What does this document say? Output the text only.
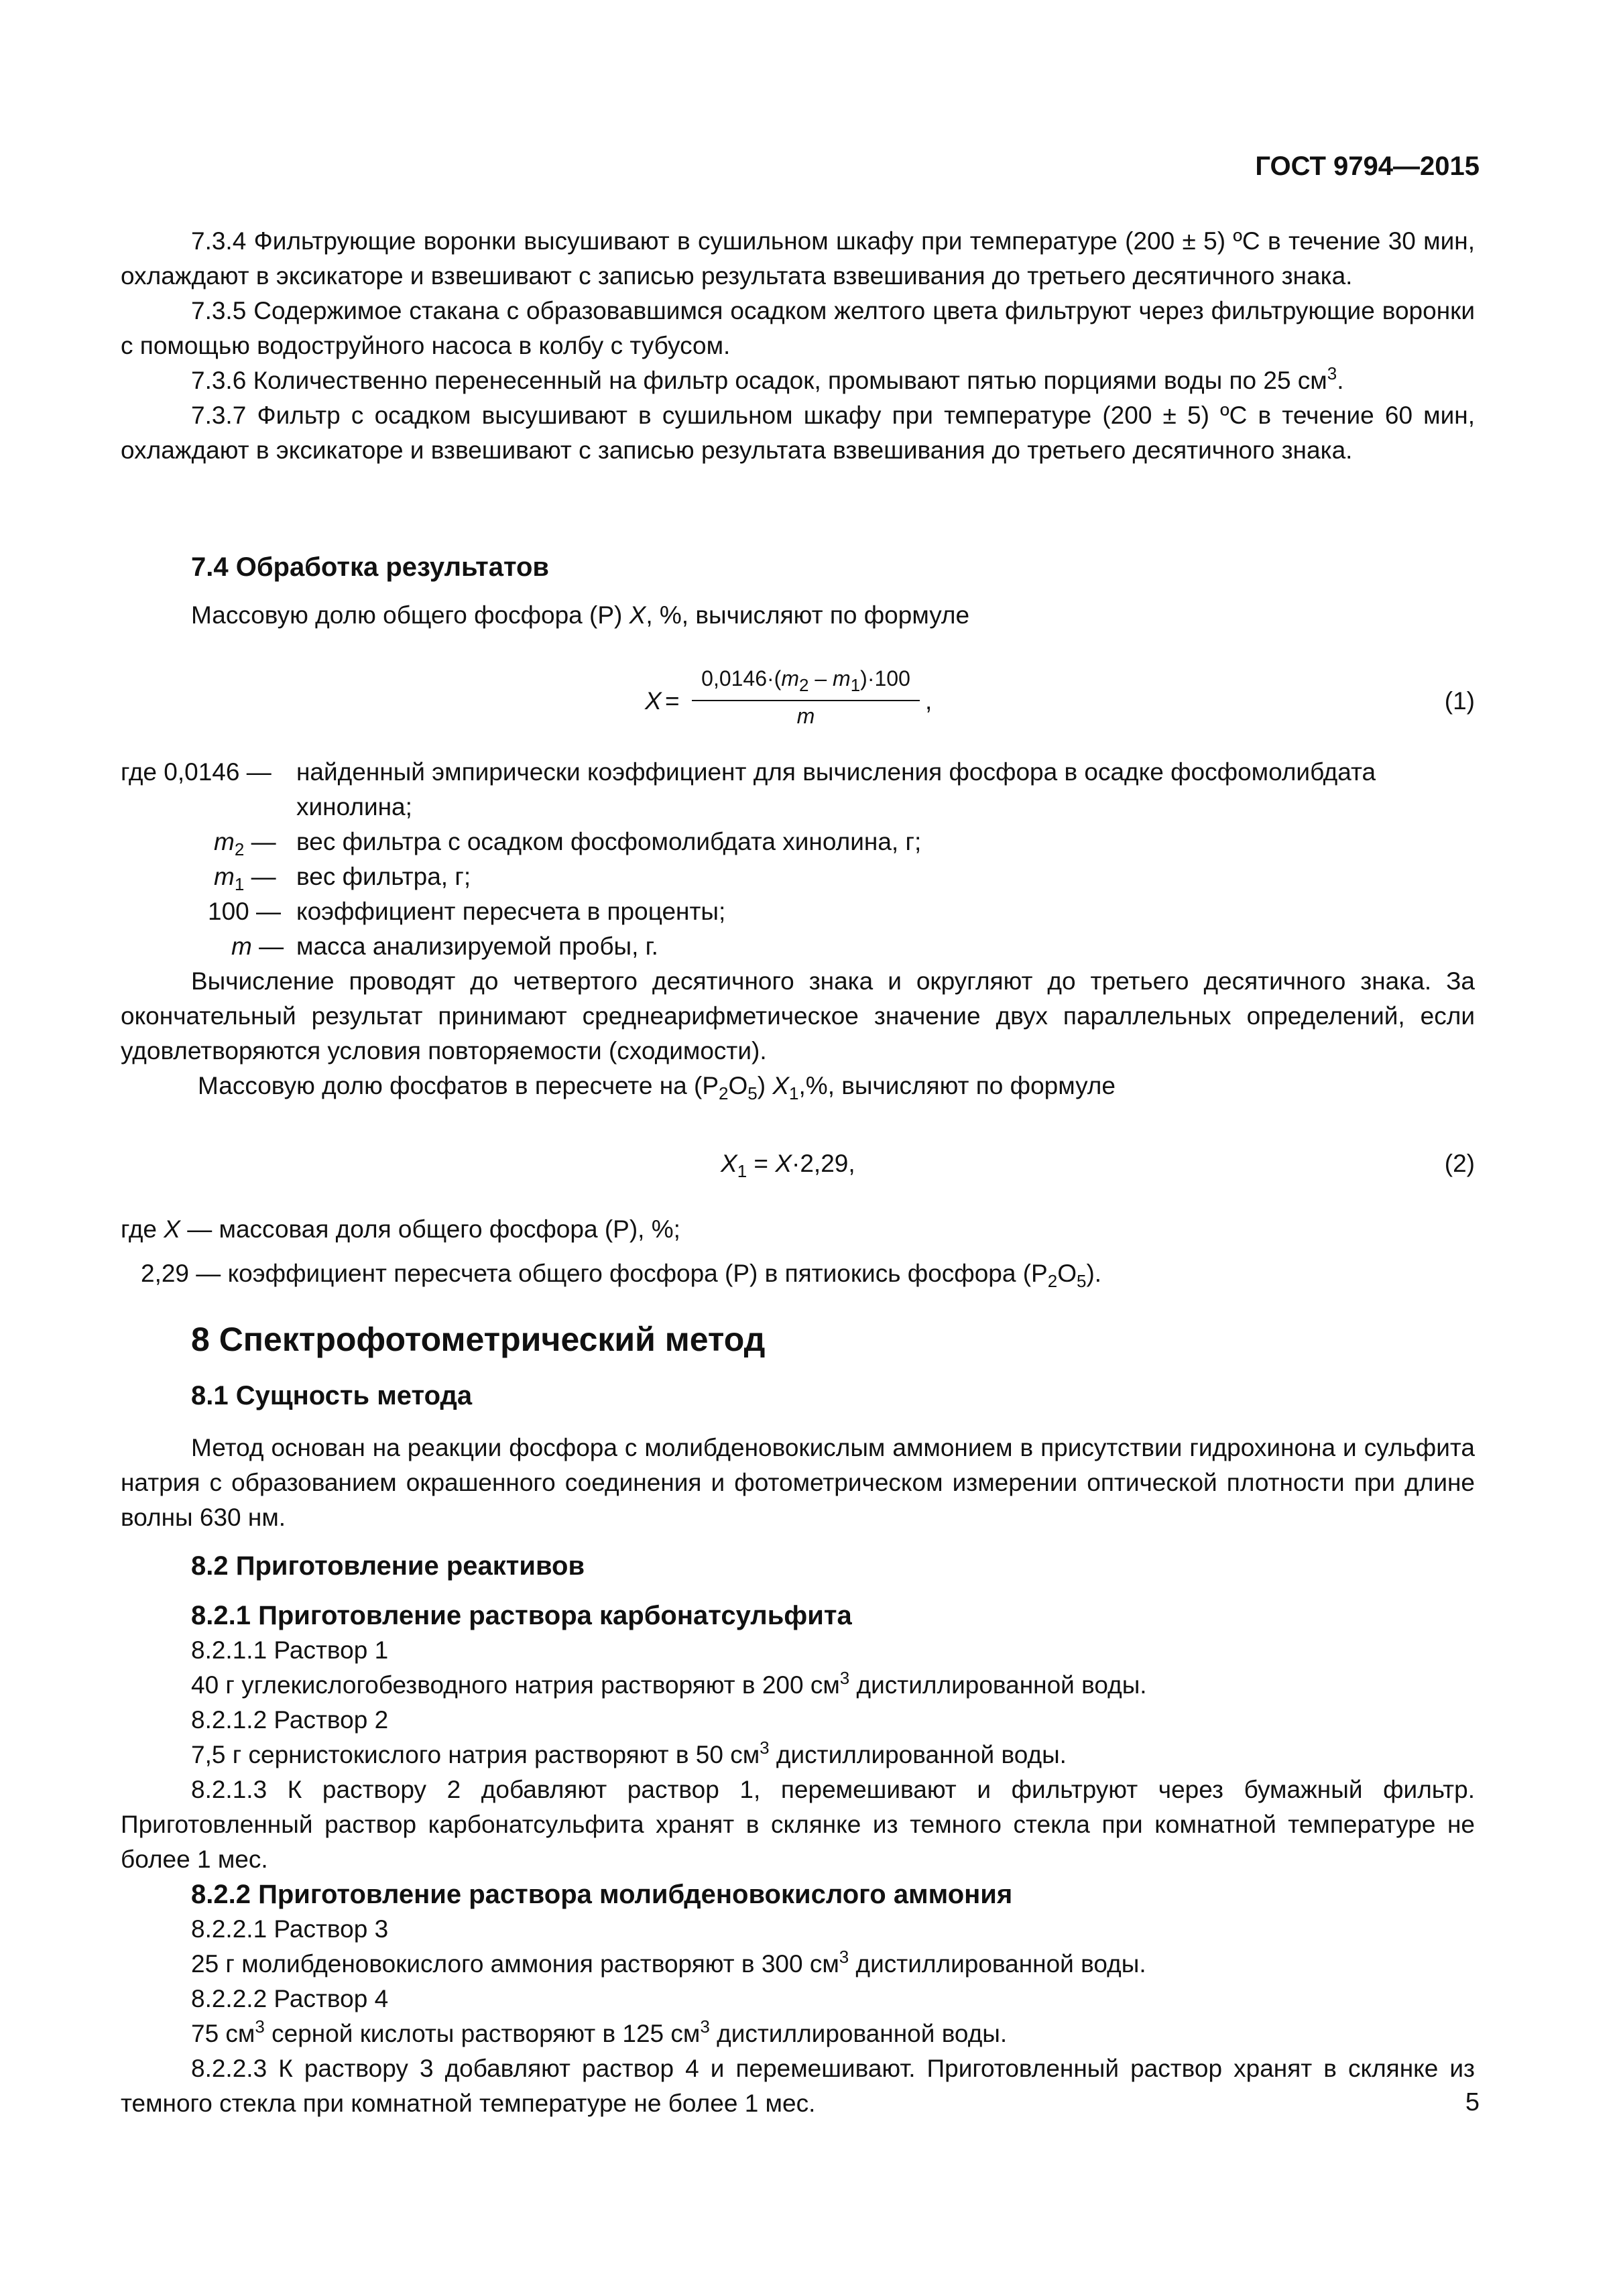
ГОСТ 9794—2015

7.3.4 Фильтрующие воронки высушивают в сушильном шкафу при температуре (200 ± 5) ºС в течение 30 мин, охлаждают в эксикаторе и взвешивают с записью результата взвешивания до третьего десятичного знака.

7.3.5 Содержимое стакана с образовавшимся осадком желтого цвета фильтруют через фильтрующие воронки с помощью водоструйного насоса в колбу с тубусом.

7.3.6 Количественно перенесенный на фильтр осадок, промывают пятью порциями воды по 25 $см^3$.

7.3.7 Фильтр с осадком высушивают в сушильном шкафу при температуре (200 ± 5) ºС в течение 60 мин, охлаждают в эксикаторе и взвешивают с записью результата взвешивания до третьего десятичного знака.

7.4 Обработка результатов
Массовую долю общего фосфора (Р) X, %, вычисляют по формуле
X =
$0,0146\cdot(m_2 - m_1)\cdot 100$
m
,	(1)
где 0,0146 — найденный эмпирически коэффициент для вычисления фосфора в осадке фосфомолибдата хинолина;
$m_2$ — вес фильтра с осадком фосфомолибдата хинолина, г;
$m_1$ — вес фильтра, г;
100 — коэффициент пересчета в проценты;
m — масса анализируемой пробы, г.

Вычисление проводят до четвертого десятичного знака и округляют до третьего десятичного знака. За окончательный результат принимают среднеарифметическое значение двух параллельных определений, если удовлетворяются условия повторяемости (сходимости).

Массовую долю фосфатов в пересчете на $(Р_2О_5)$ $X_1,\%$, вычисляют по формуле
$X_1 = X\cdot 2,29$,	(2)
где X — массовая доля общего фосфора (Р), %;
2,29 — коэффициент пересчета общего фосфора (Р) в пятиокись фосфора $(Р_2О_5)$.
8 Спектрофотометрический метод
8.1 Сущность метода

Метод основан на реакции фосфора с молибденовокислым аммонием в присутствии гидрохинона и сульфита натрия с образованием окрашенного соединения и фотометрическом измерении оптической плотности при длине волны 630 нм.

8.2 Приготовление реактивов
8.2.1 Приготовление раствора карбонатсульфита
8.2.1.1 Раствор 1
40 г углекислогобезводного натрия растворяют в 200 $см^3$ дистиллированной воды.
8.2.1.2 Раствор 2
7,5 г сернистокислого натрия растворяют в 50 $см^3$ дистиллированной воды.

8.2.1.3 К раствору 2 добавляют раствор 1, перемешивают и фильтруют через бумажный фильтр. Приготовленный раствор карбонатсульфита хранят в склянке из темного стекла при комнатной температуре не более 1 мес.

8.2.2 Приготовление раствора молибденовокислого аммония
8.2.2.1 Раствор 3
25 г молибденовокислого аммония растворяют в 300 $см^3$ дистиллированной воды.
8.2.2.2 Раствор 4
75 $см^3$ серной кислоты растворяют в 125 $см^3$ дистиллированной воды.

8.2.2.3 К раствору 3 добавляют раствор 4 и перемешивают. Приготовленный раствор хранят в склянке из темного стекла при комнатной температуре не более 1 мес.	5
